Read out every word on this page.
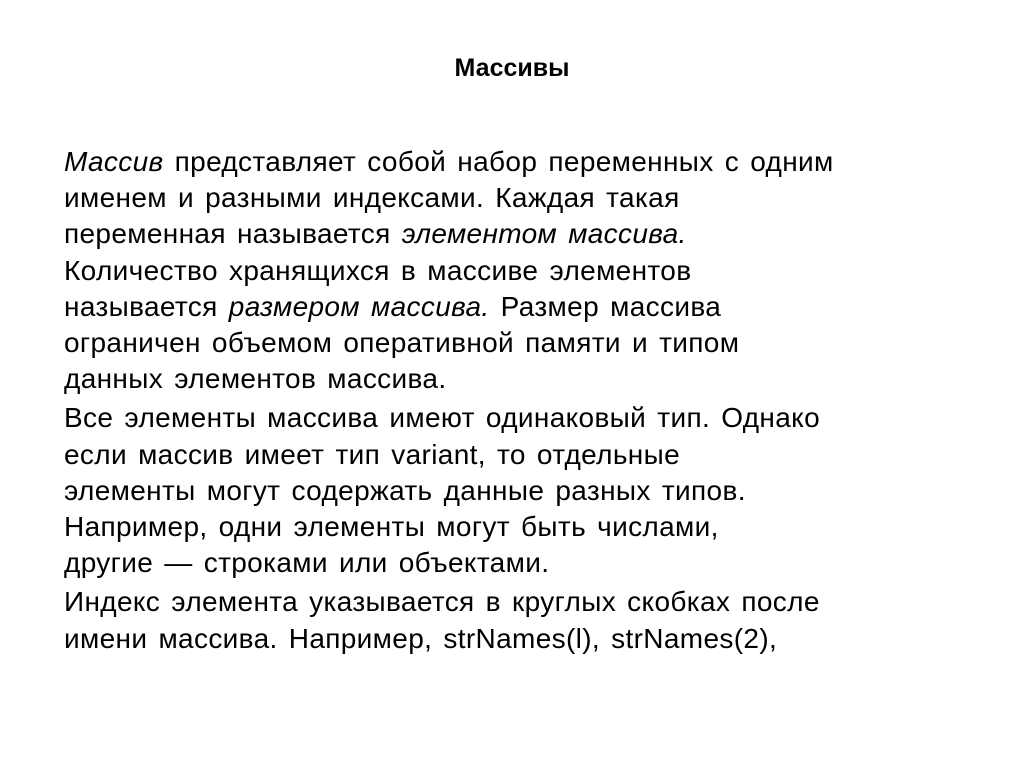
Массивы
Массив представляет собой набор переменных с одним
именем и разными индексами. Каждая такая
переменная называется элементом массива.
Количество хранящихся в массиве элементов
называется размером массива. Размер массива
ограничен объемом оперативной памяти и типом
данных элементов массива.
Все элементы массива имеют одинаковый тип. Однако
если массив имеет тип variant, то отдельные
элементы могут содержать данные разных типов.
Например, одни элементы могут быть числами,
другие — строками или объектами.
Индекс элемента указывается в круглых скобках после
имени массива. Например, strNames(l), strNames(2),
